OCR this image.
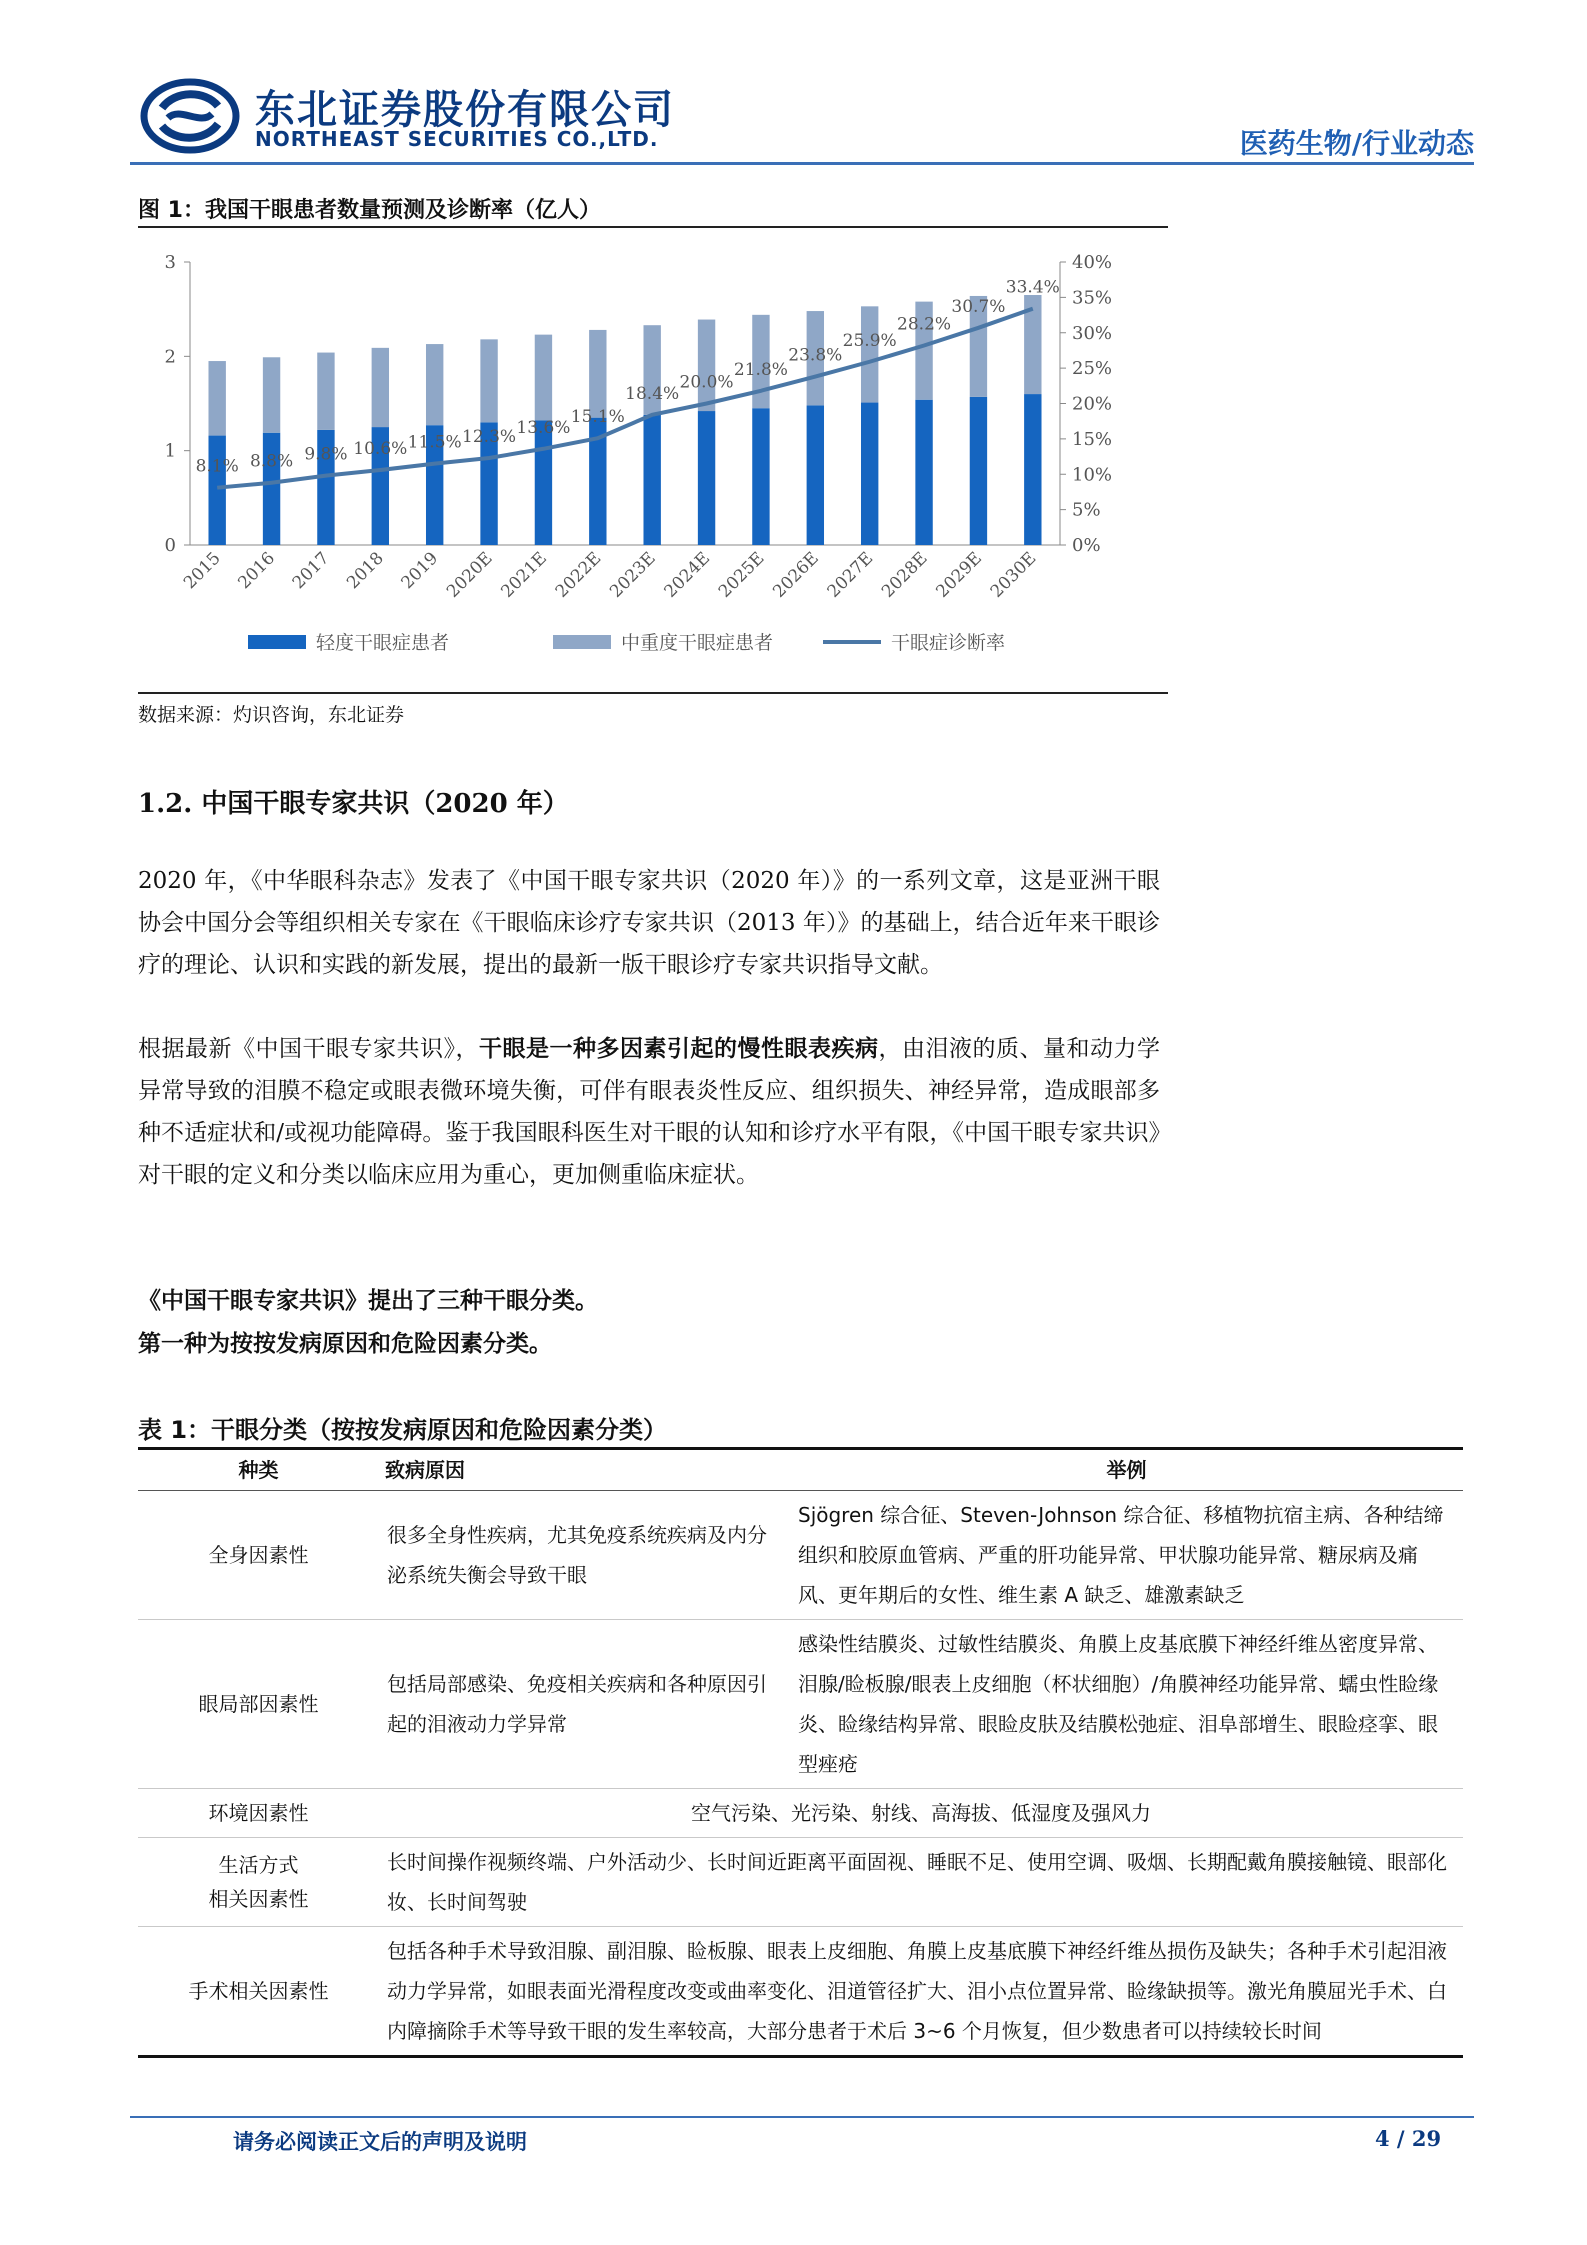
东北证券股份有限公司
NORTHEAST SECURITIES CO.,LTD.	医药生物/行业动态
图 1：我国干眼患者数量预测及诊断率（亿人）
0
1
2
3
0%
5%
10%
15%
20%
25%
30%
35%
40%
2015 2016 2017 2018 2019 2020E 2021E 2022E 2023E 2024E 2025E 2026E 2027E 2028E 2029E 2030E
8.1% 8.8% 9.8% 10.6% 11.5% 12.3% 13.6%
15.1%
18.4%
20.0%
21.8%
23.8%
25.9%
28.2%
30.7%
33.4%
轻度干眼症患者	中重度干眼症患者	干眼症诊断率
数据来源：灼识咨询，东北证券
1.2. 中国干眼专家共识（2020 年）
2020 年，《中华眼科杂志》发表了《中国干眼专家共识（2020 年）》的一系列文章，这是亚洲干眼协会中国分会等组织相关专家在《干眼临床诊疗专家共识（2013 年）》的基础上，结合近年来干眼诊疗的理论、认识和实践的新发展，提出的最新一版干眼诊疗专家共识指导文献。
根据最新《中国干眼专家共识》，干眼是一种多因素引起的慢性眼表疾病，由泪液的质、量和动力学异常导致的泪膜不稳定或眼表微环境失衡，可伴有眼表炎性反应、组织损失、神经异常，造成眼部多种不适症状和/或视功能障碍。鉴于我国眼科医生对干眼的认知和诊疗水平有限，《中国干眼专家共识》对干眼的定义和分类以临床应用为重心，更加侧重临床症状。
《中国干眼专家共识》提出了三种干眼分类。
第一种为按按发病原因和危险因素分类。
表 1：干眼分类（按按发病原因和危险因素分类）
种类	致病原因	举例
全身因素性	很多全身性疾病，尤其免疫系统疾病及内分泌系统失衡会导致干眼	Sjögren 综合征、Steven-Johnson 综合征、移植物抗宿主病、各种结缔组织和胶原血管病、严重的肝功能异常、甲状腺功能异常、糖尿病及痛风、更年期后的女性、维生素 A 缺乏、雄激素缺乏
眼局部因素性	包括局部感染、免疫相关疾病和各种原因引起的泪液动力学异常	感染性结膜炎、过敏性结膜炎、角膜上皮基底膜下神经纤维丛密度异常、泪腺/睑板腺/眼表上皮细胞（杯状细胞）/角膜神经功能异常、蠕虫性睑缘炎、睑缘结构异常、眼睑皮肤及结膜松弛症、泪阜部增生、眼睑痉挛、眼型痤疮
环境因素性	空气污染、光污染、射线、高海拔、低湿度及强风力	
生活方式
相关因素性	长时间操作视频终端、户外活动少、长时间近距离平面固视、睡眠不足、使用空调、吸烟、长期配戴角膜接触镜、眼部化妆、长时间驾驶	
手术相关因素性	包括各种手术导致泪腺、副泪腺、睑板腺、眼表上皮细胞、角膜上皮基底膜下神经纤维丛损伤及缺失；各种手术引起泪液动力学异常，如眼表面光滑程度改变或曲率变化、泪道管径扩大、泪小点位置异常、睑缘缺损等。激光角膜屈光手术、白内障摘除手术等导致干眼的发生率较高，大部分患者于术后 3~6 个月恢复，但少数患者可以持续较长时间	
请务必阅读正文后的声明及说明	4 / 29
